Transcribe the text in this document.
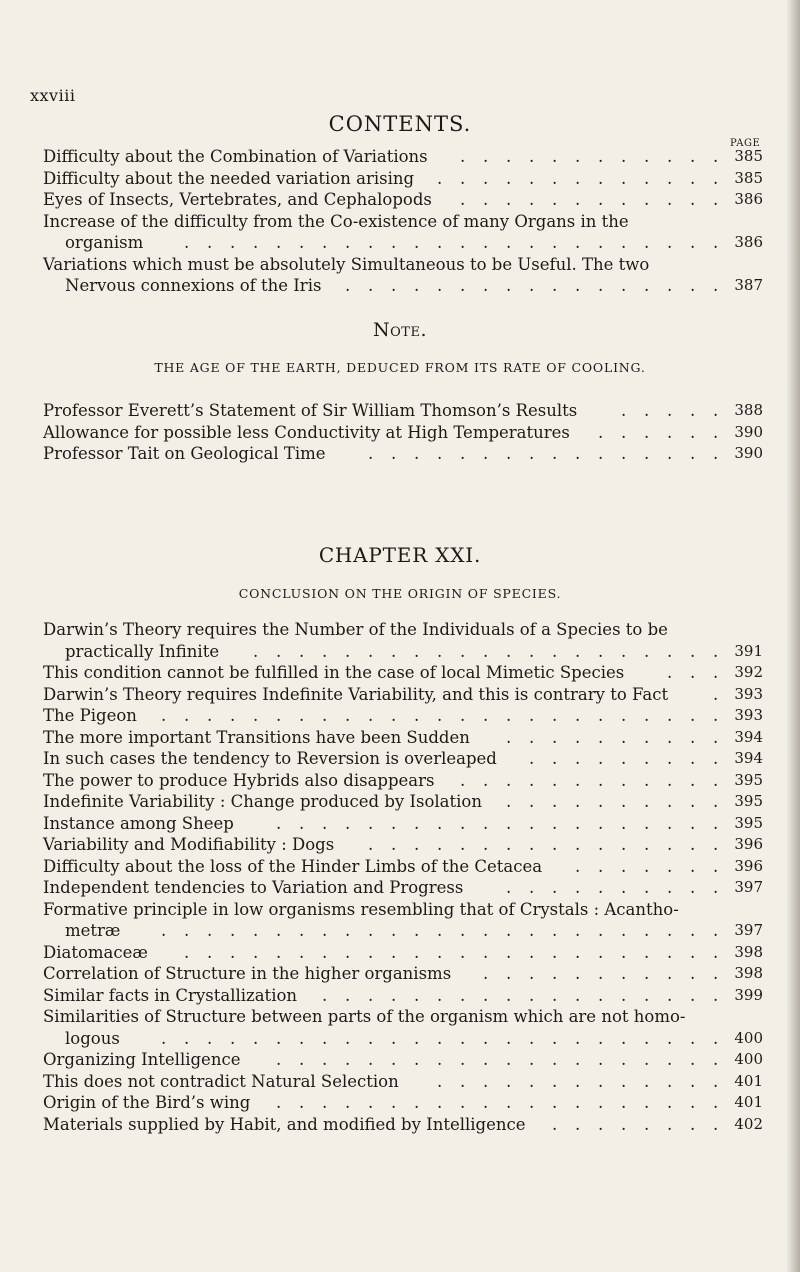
xxviii
CONTENTS.
PAGE
Difficulty about the Combination of Variations	385
. . . . . . . . . . . .
Difficulty about the needed variation arising	385
. . . . . . . . . . . . .
Eyes of Insects, Vertebrates, and Cephalopods	386
. . . . . . . . . . . .
Increase of the difficulty from the Co-existence of many Organs in the
organism	386
. . . . . . . . . . . . . . . . . . . . . . . .
Variations which must be absolutely Simultaneous to be Useful. The two
Nervous connexions of the Iris	387
. . . . . . . . . . . . . . . . .
Note.
THE AGE OF THE EARTH, DEDUCED FROM ITS RATE OF COOLING.
Professor Everett’s Statement of Sir William Thomson’s Results	388
. . . . .
Allowance for possible less Conductivity at High Temperatures	390
. . . . . .
Professor Tait on Geological Time	390
. . . . . . . . . . . . . . . .
CHAPTER XXI.
CONCLUSION ON THE ORIGIN OF SPECIES.
Darwin’s Theory requires the Number of the Individuals of a Species to be
practically Infinite	391
. . . . . . . . . . . . . . . . . . . . .
This condition cannot be fulfilled in the case of local Mimetic Species	392
. . .
Darwin’s Theory requires Indefinite Variability, and this is contrary to Fact	393
.
The Pigeon	393
. . . . . . . . . . . . . . . . . . . . . . . . .
The more important Transitions have been Sudden	394
. . . . . . . . . .
In such cases the tendency to Reversion is overleaped	394
. . . . . . . . .
The power to produce Hybrids also disappears	395
. . . . . . . . . . . .
Indefinite Variability : Change produced by Isolation	395
. . . . . . . . . .
Instance among Sheep	395
. . . . . . . . . . . . . . . . . . . .
Variability and Modifiability : Dogs	396
. . . . . . . . . . . . . . . .
Difficulty about the loss of the Hinder Limbs of the Cetacea	396
. . . . . . .
Independent tendencies to Variation and Progress	397
. . . . . . . . . .
Formative principle in low organisms resembling that of Crystals : Acantho-
metræ	397
. . . . . . . . . . . . . . . . . . . . . . . . .
Diatomaceæ	398
. . . . . . . . . . . . . . . . . . . . . . . .
Correlation of Structure in the higher organisms	398
. . . . . . . . . . .
Similar facts in Crystallization	399
. . . . . . . . . . . . . . . . . .
Similarities of Structure between parts of the organism which are not homo-
logous	400
. . . . . . . . . . . . . . . . . . . . . . . . .
Organizing Intelligence	400
. . . . . . . . . . . . . . . . . . . .
This does not contradict Natural Selection	401
. . . . . . . . . . . . .
Origin of the Bird’s wing	401
. . . . . . . . . . . . . . . . . . . .
Materials supplied by Habit, and modified by Intelligence	402
. . . . . . . .
